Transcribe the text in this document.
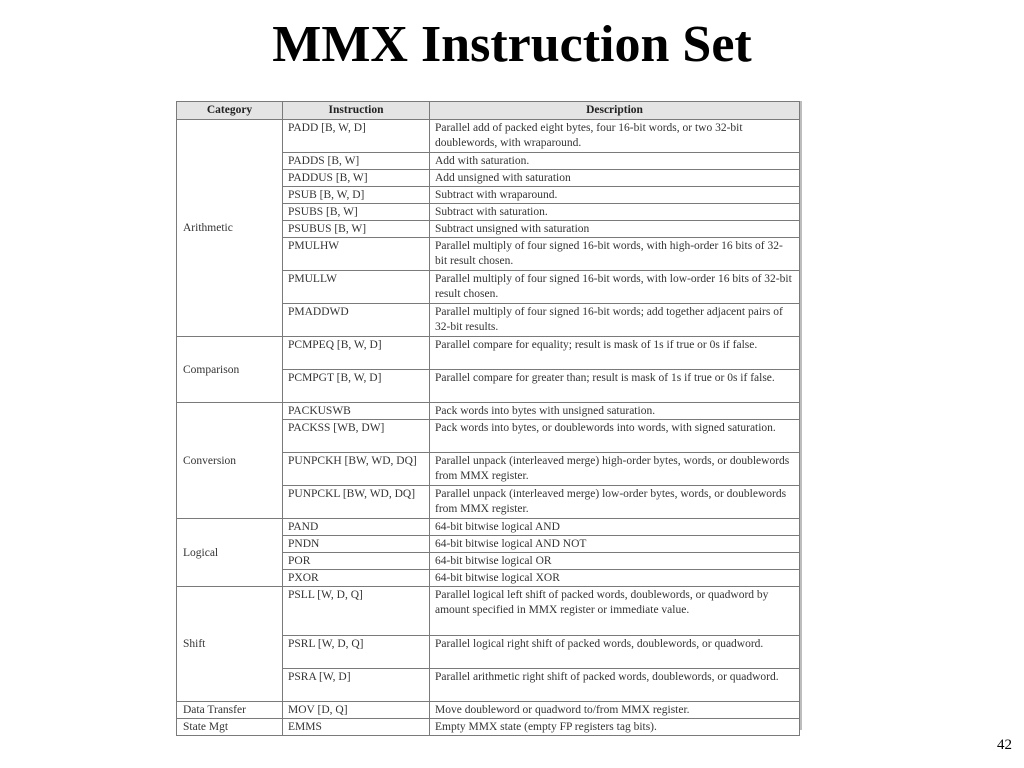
MMX Instruction Set
Category	Instruction	Description
Arithmetic	PADD [B, W, D]	Parallel add of packed eight bytes, four 16-bit words, or two 32-bit doublewords, with wraparound.
	PADDS [B, W]	Add with saturation.
	PADDUS [B, W]	Add unsigned with saturation
	PSUB [B, W, D]	Subtract with wraparound.
	PSUBS [B, W]	Subtract with saturation.
	PSUBUS [B, W]	Subtract unsigned with saturation
	PMULHW	Parallel multiply of four signed 16-bit words, with high-order 16 bits of 32-bit result chosen.
	PMULLW	Parallel multiply of four signed 16-bit words, with low-order 16 bits of 32-bit result chosen.
	PMADDWD	Parallel multiply of four signed 16-bit words; add together adjacent pairs of 32-bit results.
Comparison	PCMPEQ [B, W, D]	Parallel compare for equality; result is mask of 1s if true or 0s if false.
	PCMPGT [B, W, D]	Parallel compare for greater than; result is mask of 1s if true or 0s if false.
Conversion	PACKUSWB	Pack words into bytes with unsigned saturation.
	PACKSS [WB, DW]	Pack words into bytes, or doublewords into words, with signed saturation.
	PUNPCKH [BW, WD, DQ]	Parallel unpack (interleaved merge) high-order bytes, words, or doublewords from MMX register.
	PUNPCKL [BW, WD, DQ]	Parallel unpack (interleaved merge) low-order bytes, words, or doublewords from MMX register.
Logical	PAND	64-bit bitwise logical AND
	PNDN	64-bit bitwise logical AND NOT
	POR	64-bit bitwise logical OR
	PXOR	64-bit bitwise logical XOR
Shift	PSLL [W, D, Q]	Parallel logical left shift of packed words, doublewords, or quadword by amount specified in MMX register or immediate value.
	PSRL [W, D, Q]	Parallel logical right shift of packed words, doublewords, or quadword.
	PSRA [W, D]	Parallel arithmetic right shift of packed words, doublewords, or quadword.
Data Transfer	MOV [D, Q]	Move doubleword or quadword to/from MMX register.
State Mgt	EMMS	Empty MMX state (empty FP registers tag bits).
42
